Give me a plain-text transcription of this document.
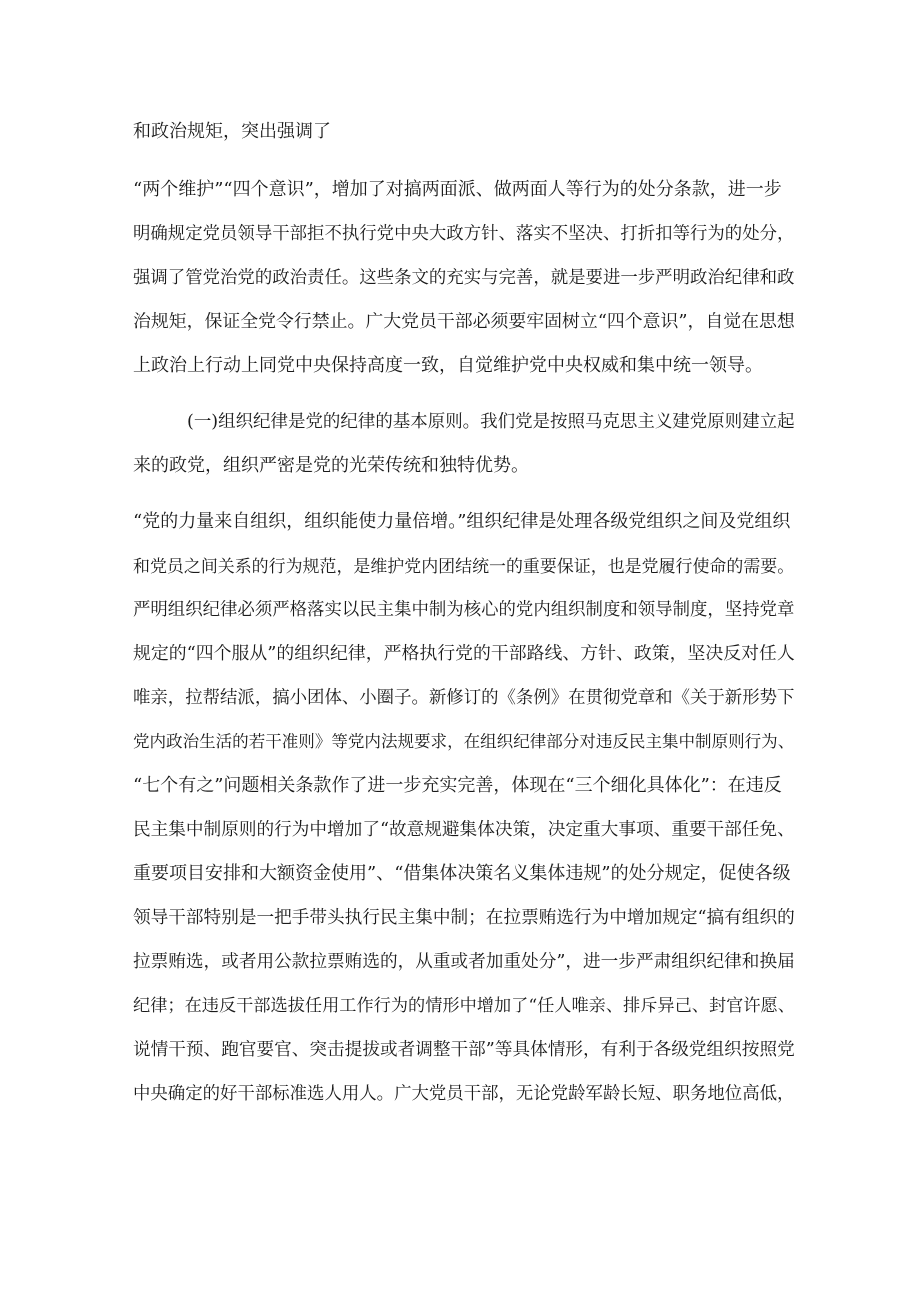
和政治规矩，突出强调了
“两个维护”“四个意识”，增加了对搞两面派、做两面人等行为的处分条款，进一步
明确规定党员领导干部拒不执行党中央大政方针、落实不坚决、打折扣等行为的处分，
强调了管党治党的政治责任。这些条文的充实与完善，就是要进一步严明政治纪律和政
治规矩，保证全党令行禁止。广大党员干部必须要牢固树立“四个意识”，自觉在思想
上政治上行动上同党中央保持高度一致，自觉维护党中央权威和集中统一领导。
(一)组织纪律是党的纪律的基本原则。我们党是按照马克思主义建党原则建立起
来的政党，组织严密是党的光荣传统和独特优势。
“党的力量来自组织，组织能使力量倍增。”组织纪律是处理各级党组织之间及党组织
和党员之间关系的行为规范，是维护党内团结统一的重要保证，也是党履行使命的需要。
严明组织纪律必须严格落实以民主集中制为核心的党内组织制度和领导制度，坚持党章
规定的“四个服从”的组织纪律，严格执行党的干部路线、方针、政策，坚决反对任人
唯亲，拉帮结派，搞小团体、小圈子。新修订的《条例》在贯彻党章和《关于新形势下
党内政治生活的若干准则》等党内法规要求，在组织纪律部分对违反民主集中制原则行为、
“七个有之”问题相关条款作了进一步充实完善，体现在“三个细化具体化”：在违反
民主集中制原则的行为中增加了“故意规避集体决策，决定重大事项、重要干部任免、
重要项目安排和大额资金使用”、“借集体决策名义集体违规”的处分规定，促使各级
领导干部特别是一把手带头执行民主集中制；在拉票贿选行为中增加规定“搞有组织的
拉票贿选，或者用公款拉票贿选的，从重或者加重处分”，进一步严肃组织纪律和换届
纪律；在违反干部选拔任用工作行为的情形中增加了“任人唯亲、排斥异己、封官许愿、
说情干预、跑官要官、突击提拔或者调整干部”等具体情形，有利于各级党组织按照党
中央确定的好干部标准选人用人。广大党员干部，无论党龄军龄长短、职务地位高低，
